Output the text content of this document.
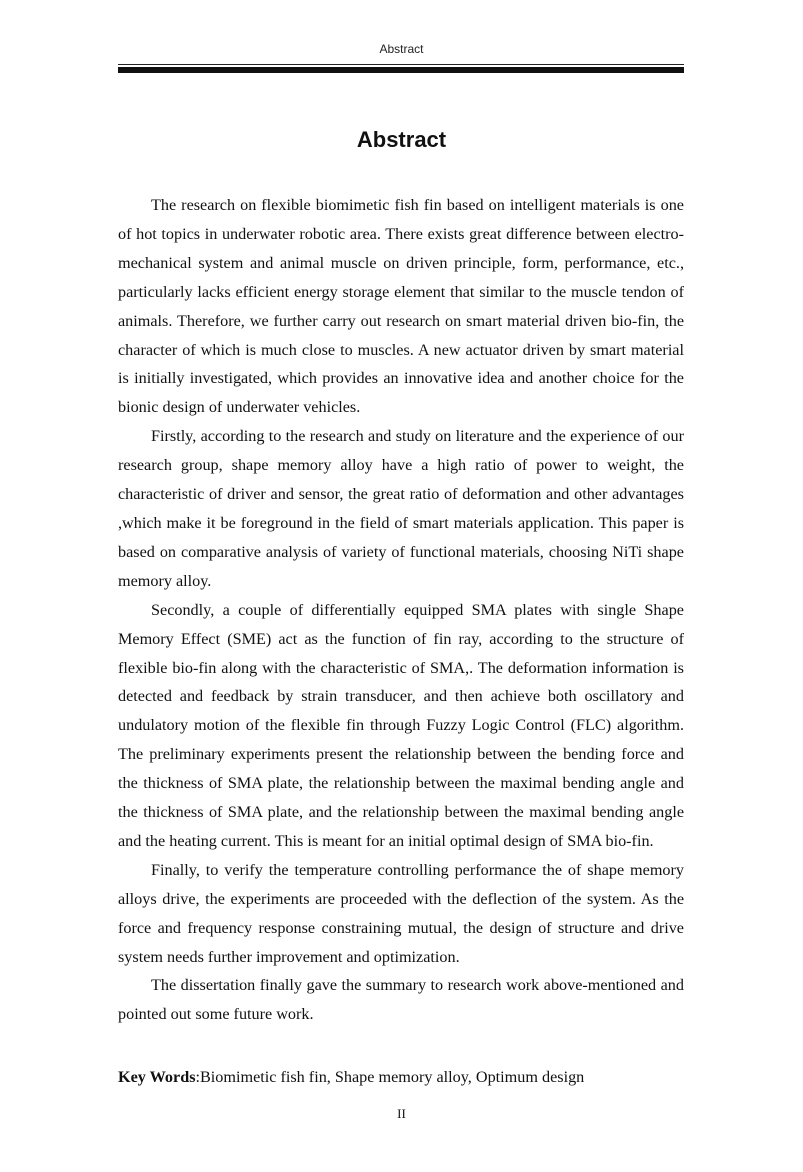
Abstract
Abstract

The research on flexible biomimetic fish fin based on intelligent materials is one of hot topics in underwater robotic area. There exists great difference between electro-mechanical system and animal muscle on driven principle, form, performance, etc., particularly lacks efficient energy storage element that similar to the muscle tendon of animals. Therefore, we further carry out research on smart material driven bio-fin, the character of which is much close to muscles. A new actuator driven by smart material is initially investigated, which provides an innovative idea and another choice for the bionic design of underwater vehicles.

Firstly, according to the research and study on literature and the experience of our research group, shape memory alloy have a high ratio of power to weight, the characteristic of driver and sensor, the great ratio of deformation and other advantages ,which make it be foreground in the field of smart materials application. This paper is based on comparative analysis of variety of functional materials, choosing NiTi shape memory alloy.

Secondly, a couple of differentially equipped SMA plates with single Shape Memory Effect (SME) act as the function of fin ray, according to the structure of flexible bio-fin along with the characteristic of SMA,. The deformation information is detected and feedback by strain transducer, and then achieve both oscillatory and undulatory motion of the flexible fin through Fuzzy Logic Control (FLC) algorithm. The preliminary experiments present the relationship between the bending force and the thickness of SMA plate, the relationship between the maximal bending angle and the thickness of SMA plate, and the relationship between the maximal bending angle and the heating current. This is meant for an initial optimal design of SMA bio-fin.

Finally, to verify the temperature controlling performance the of shape memory alloys drive, the experiments are proceeded with the deflection of the system. As the force and frequency response constraining mutual, the design of structure and drive system needs further improvement and optimization.

The dissertation finally gave the summary to research work above-mentioned and pointed out some future work.

Key Words:Biomimetic fish fin, Shape memory alloy, Optimum design
II
